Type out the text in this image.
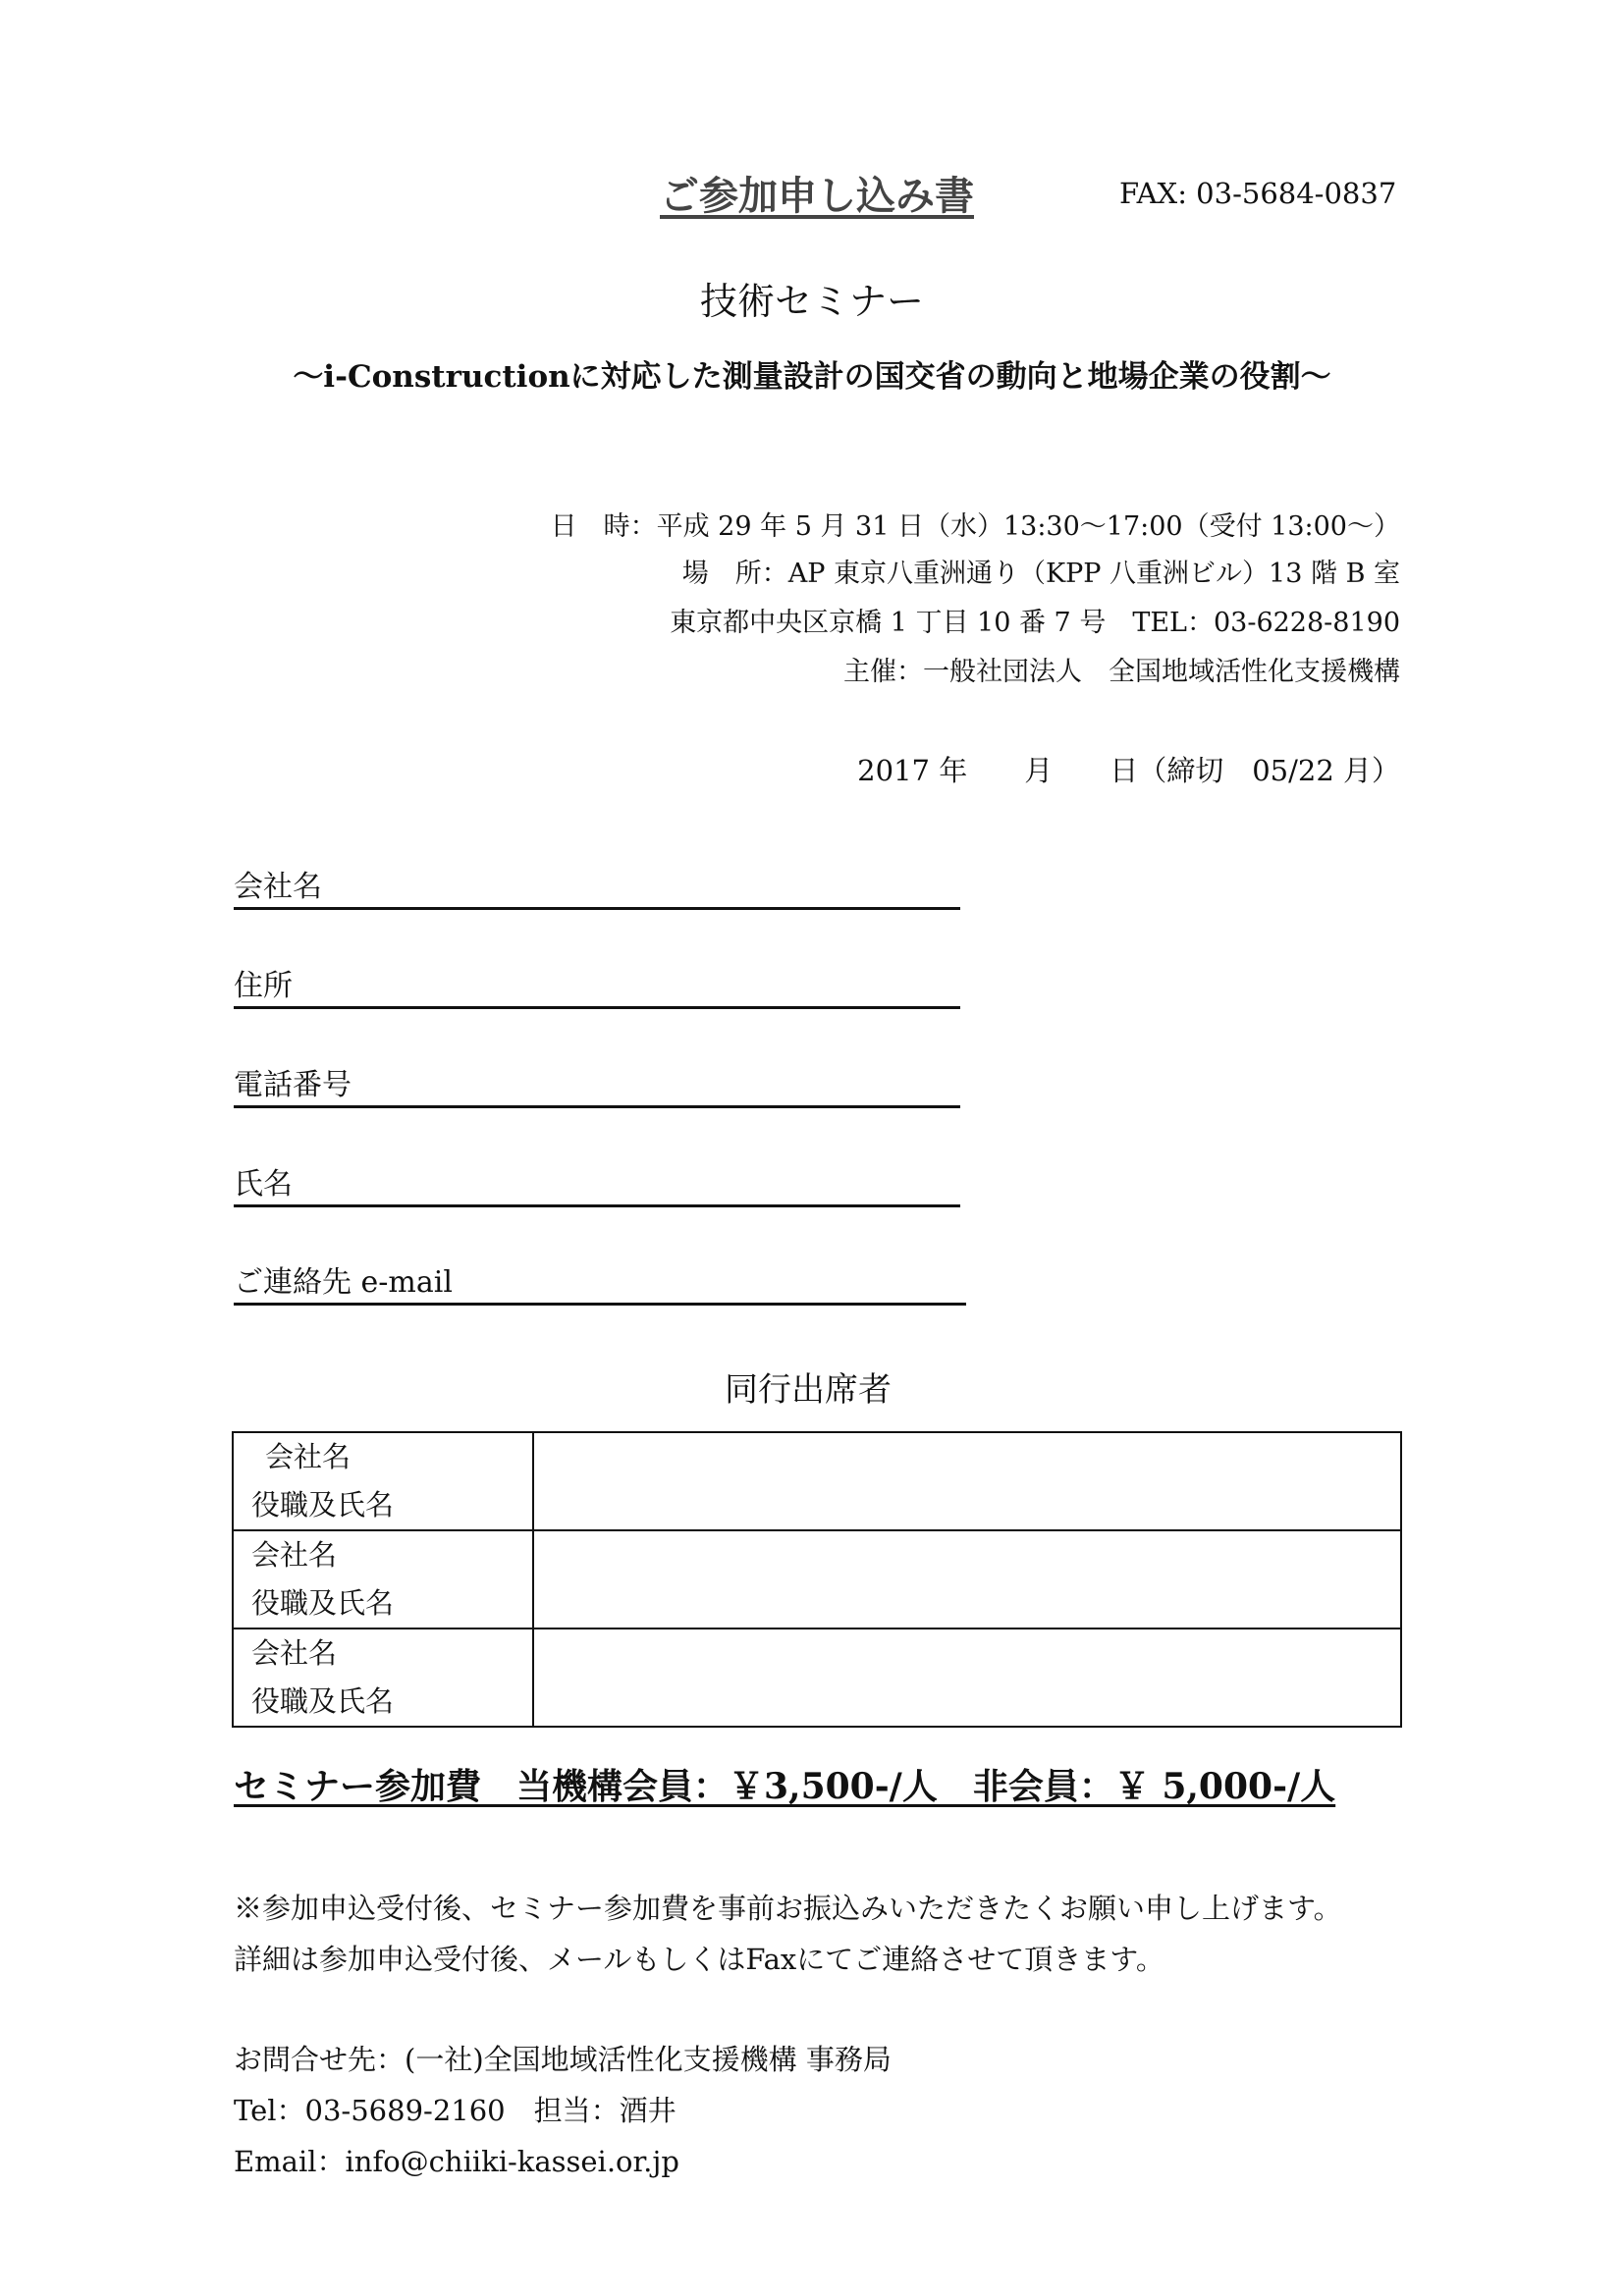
ご参加申し込み書	FAX: 03-5684-0837
技術セミナー
〜i-Constructionに対応した測量設計の国交省の動向と地場企業の役割〜
日　時：平成 29 年 5 月 31 日（水）13:30〜17:00（受付 13:00〜）
場　所：AP 東京八重洲通り（KPP 八重洲ビル）13 階 B 室
東京都中央区京橋 1 丁目 10 番 7 号　TEL：03-6228-8190
主催：一般社団法人　全国地域活性化支援機構
2017 年　　月　　日（締切　05/22 月）
会社名
住所
電話番号
氏名
ご連絡先 e-mail
同行出席者
会社名
役職及氏名	

会社名
役職及氏名	

会社名
役職及氏名	

セミナー参加費　当機構会員：￥3,500-/人　非会員：￥ 5,000-/人
※参加申込受付後、セミナー参加費を事前お振込みいただきたくお願い申し上げます。
詳細は参加申込受付後、メールもしくはFaxにてご連絡させて頂きます。
お問合せ先：(一社)全国地域活性化支援機構 事務局
Tel：03-5689-2160　担当：酒井
Email：info@chiiki-kassei.or.jp
